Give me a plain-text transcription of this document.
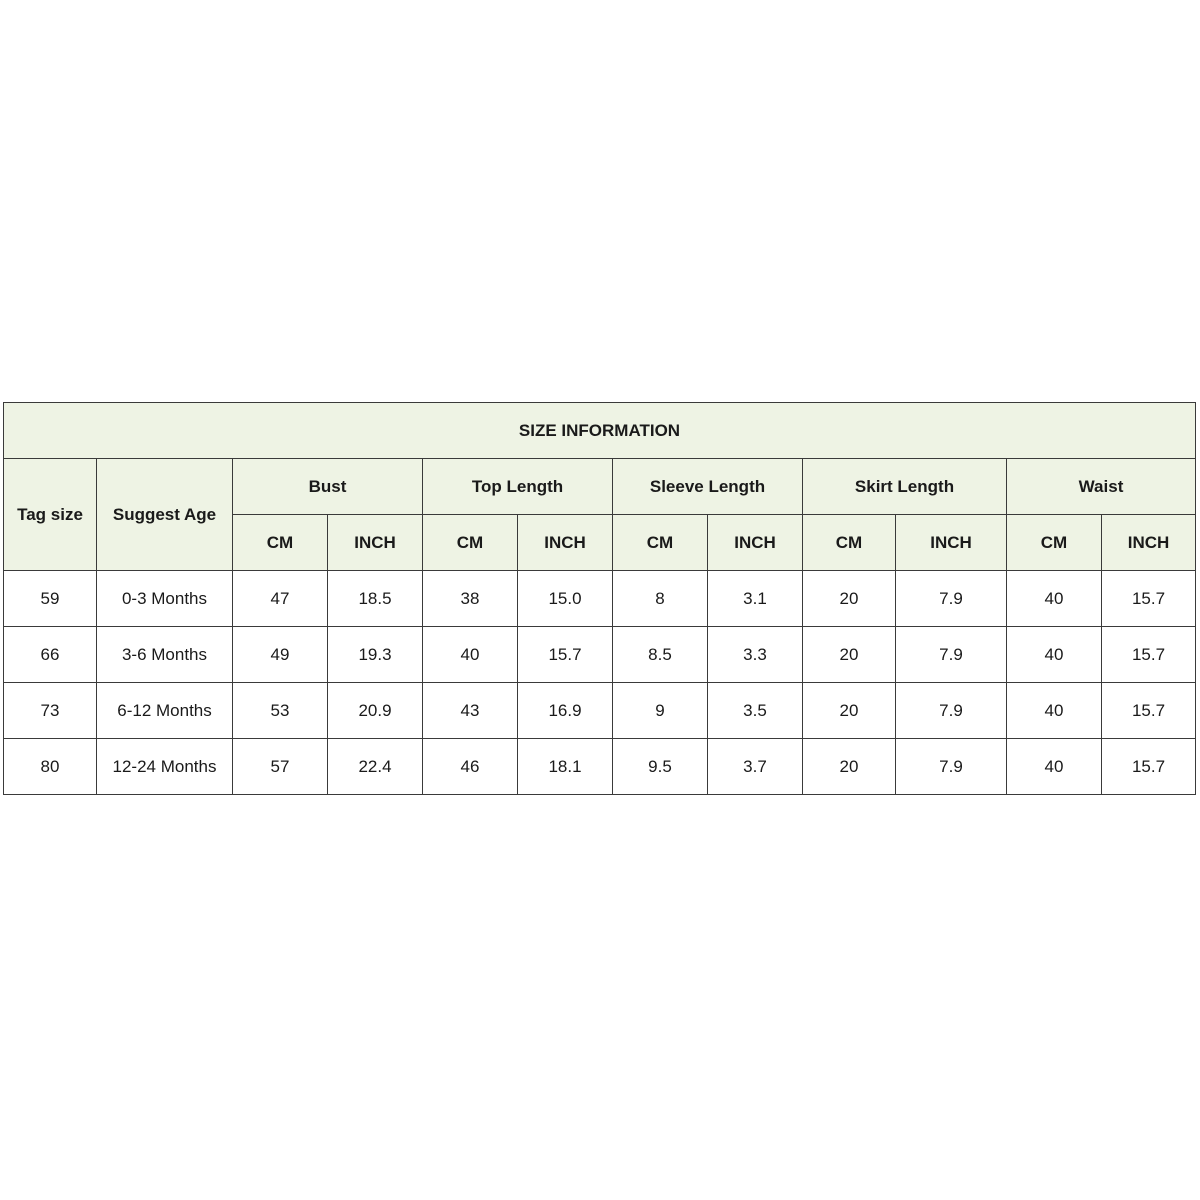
SIZE INFORMATION											
Tag size	Suggest Age	Bust		Top Length		Sleeve Length		Skirt Length		Waist	
		CM	INCH	CM	INCH	CM	INCH	CM	INCH	CM	INCH
59	0-3 Months	47	18.5	38	15.0	8	3.1	20	7.9	40	15.7
66	3-6 Months	49	19.3	40	15.7	8.5	3.3	20	7.9	40	15.7
73	6-12 Months	53	20.9	43	16.9	9	3.5	20	7.9	40	15.7
80	12-24 Months	57	22.4	46	18.1	9.5	3.7	20	7.9	40	15.7
